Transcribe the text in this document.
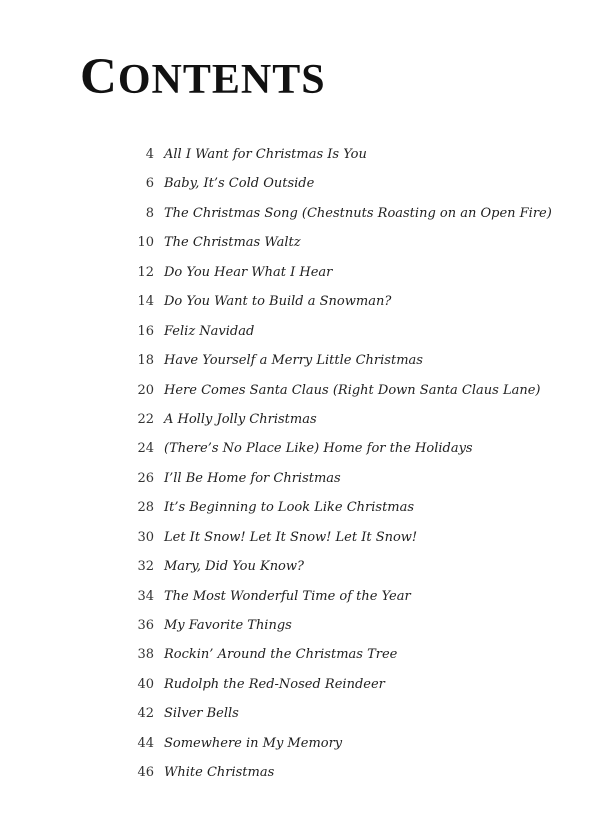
CONTENTS
4 All I Want for Christmas Is You
6 Baby, It’s Cold Outside
8 The Christmas Song (Chestnuts Roasting on an Open Fire)
10 The Christmas Waltz
12 Do You Hear What I Hear
14 Do You Want to Build a Snowman?
16 Feliz Navidad
18 Have Yourself a Merry Little Christmas
20 Here Comes Santa Claus (Right Down Santa Claus Lane)
22 A Holly Jolly Christmas
24 (There’s No Place Like) Home for the Holidays
26 I’ll Be Home for Christmas
28 It’s Beginning to Look Like Christmas
30 Let It Snow! Let It Snow! Let It Snow!
32 Mary, Did You Know?
34 The Most Wonderful Time of the Year
36 My Favorite Things
38 Rockin’ Around the Christmas Tree
40 Rudolph the Red-Nosed Reindeer
42 Silver Bells
44 Somewhere in My Memory
46 White Christmas
